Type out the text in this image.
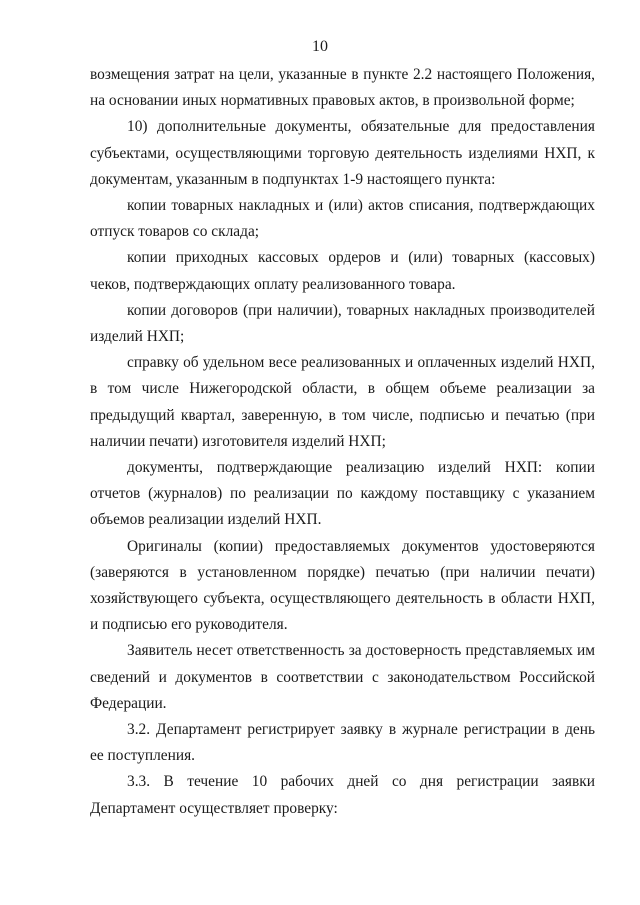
10

возмещения затрат на цели, указанные в пункте 2.2 настоящего Положения, на основании иных нормативных правовых актов, в произвольной форме;

10) дополнительные документы, обязательные для предоставления субъектами, осуществляющими торговую деятельность изделиями НХП, к документам, указанным в подпунктах 1-9 настоящего пункта:

копии товарных накладных и (или) актов списания, подтверждающих отпуск товаров со склада;

копии приходных кассовых ордеров и (или) товарных (кассовых) чеков, подтверждающих оплату реализованного товара.

копии договоров (при наличии), товарных накладных производителей изделий НХП;

справку об удельном весе реализованных и оплаченных изделий НХП, в том числе Нижегородской области, в общем объеме реализации за предыдущий квартал, заверенную, в том числе, подписью и печатью (при наличии печати) изготовителя изделий НХП;

документы, подтверждающие реализацию изделий НХП: копии отчетов (журналов) по реализации по каждому поставщику с указанием объемов реализации изделий НХП.

Оригиналы (копии) предоставляемых документов удостоверяются (заверяются в установленном порядке) печатью (при наличии печати) хозяйствующего субъекта, осуществляющего деятельность в области НХП, и подписью его руководителя.

Заявитель несет ответственность за достоверность представляемых им сведений и документов в соответствии с законодательством Российской Федерации.

3.2. Департамент регистрирует заявку в журнале регистрации в день ее поступления.

3.3. В течение 10 рабочих дней со дня регистрации заявки Департамент осуществляет проверку:
